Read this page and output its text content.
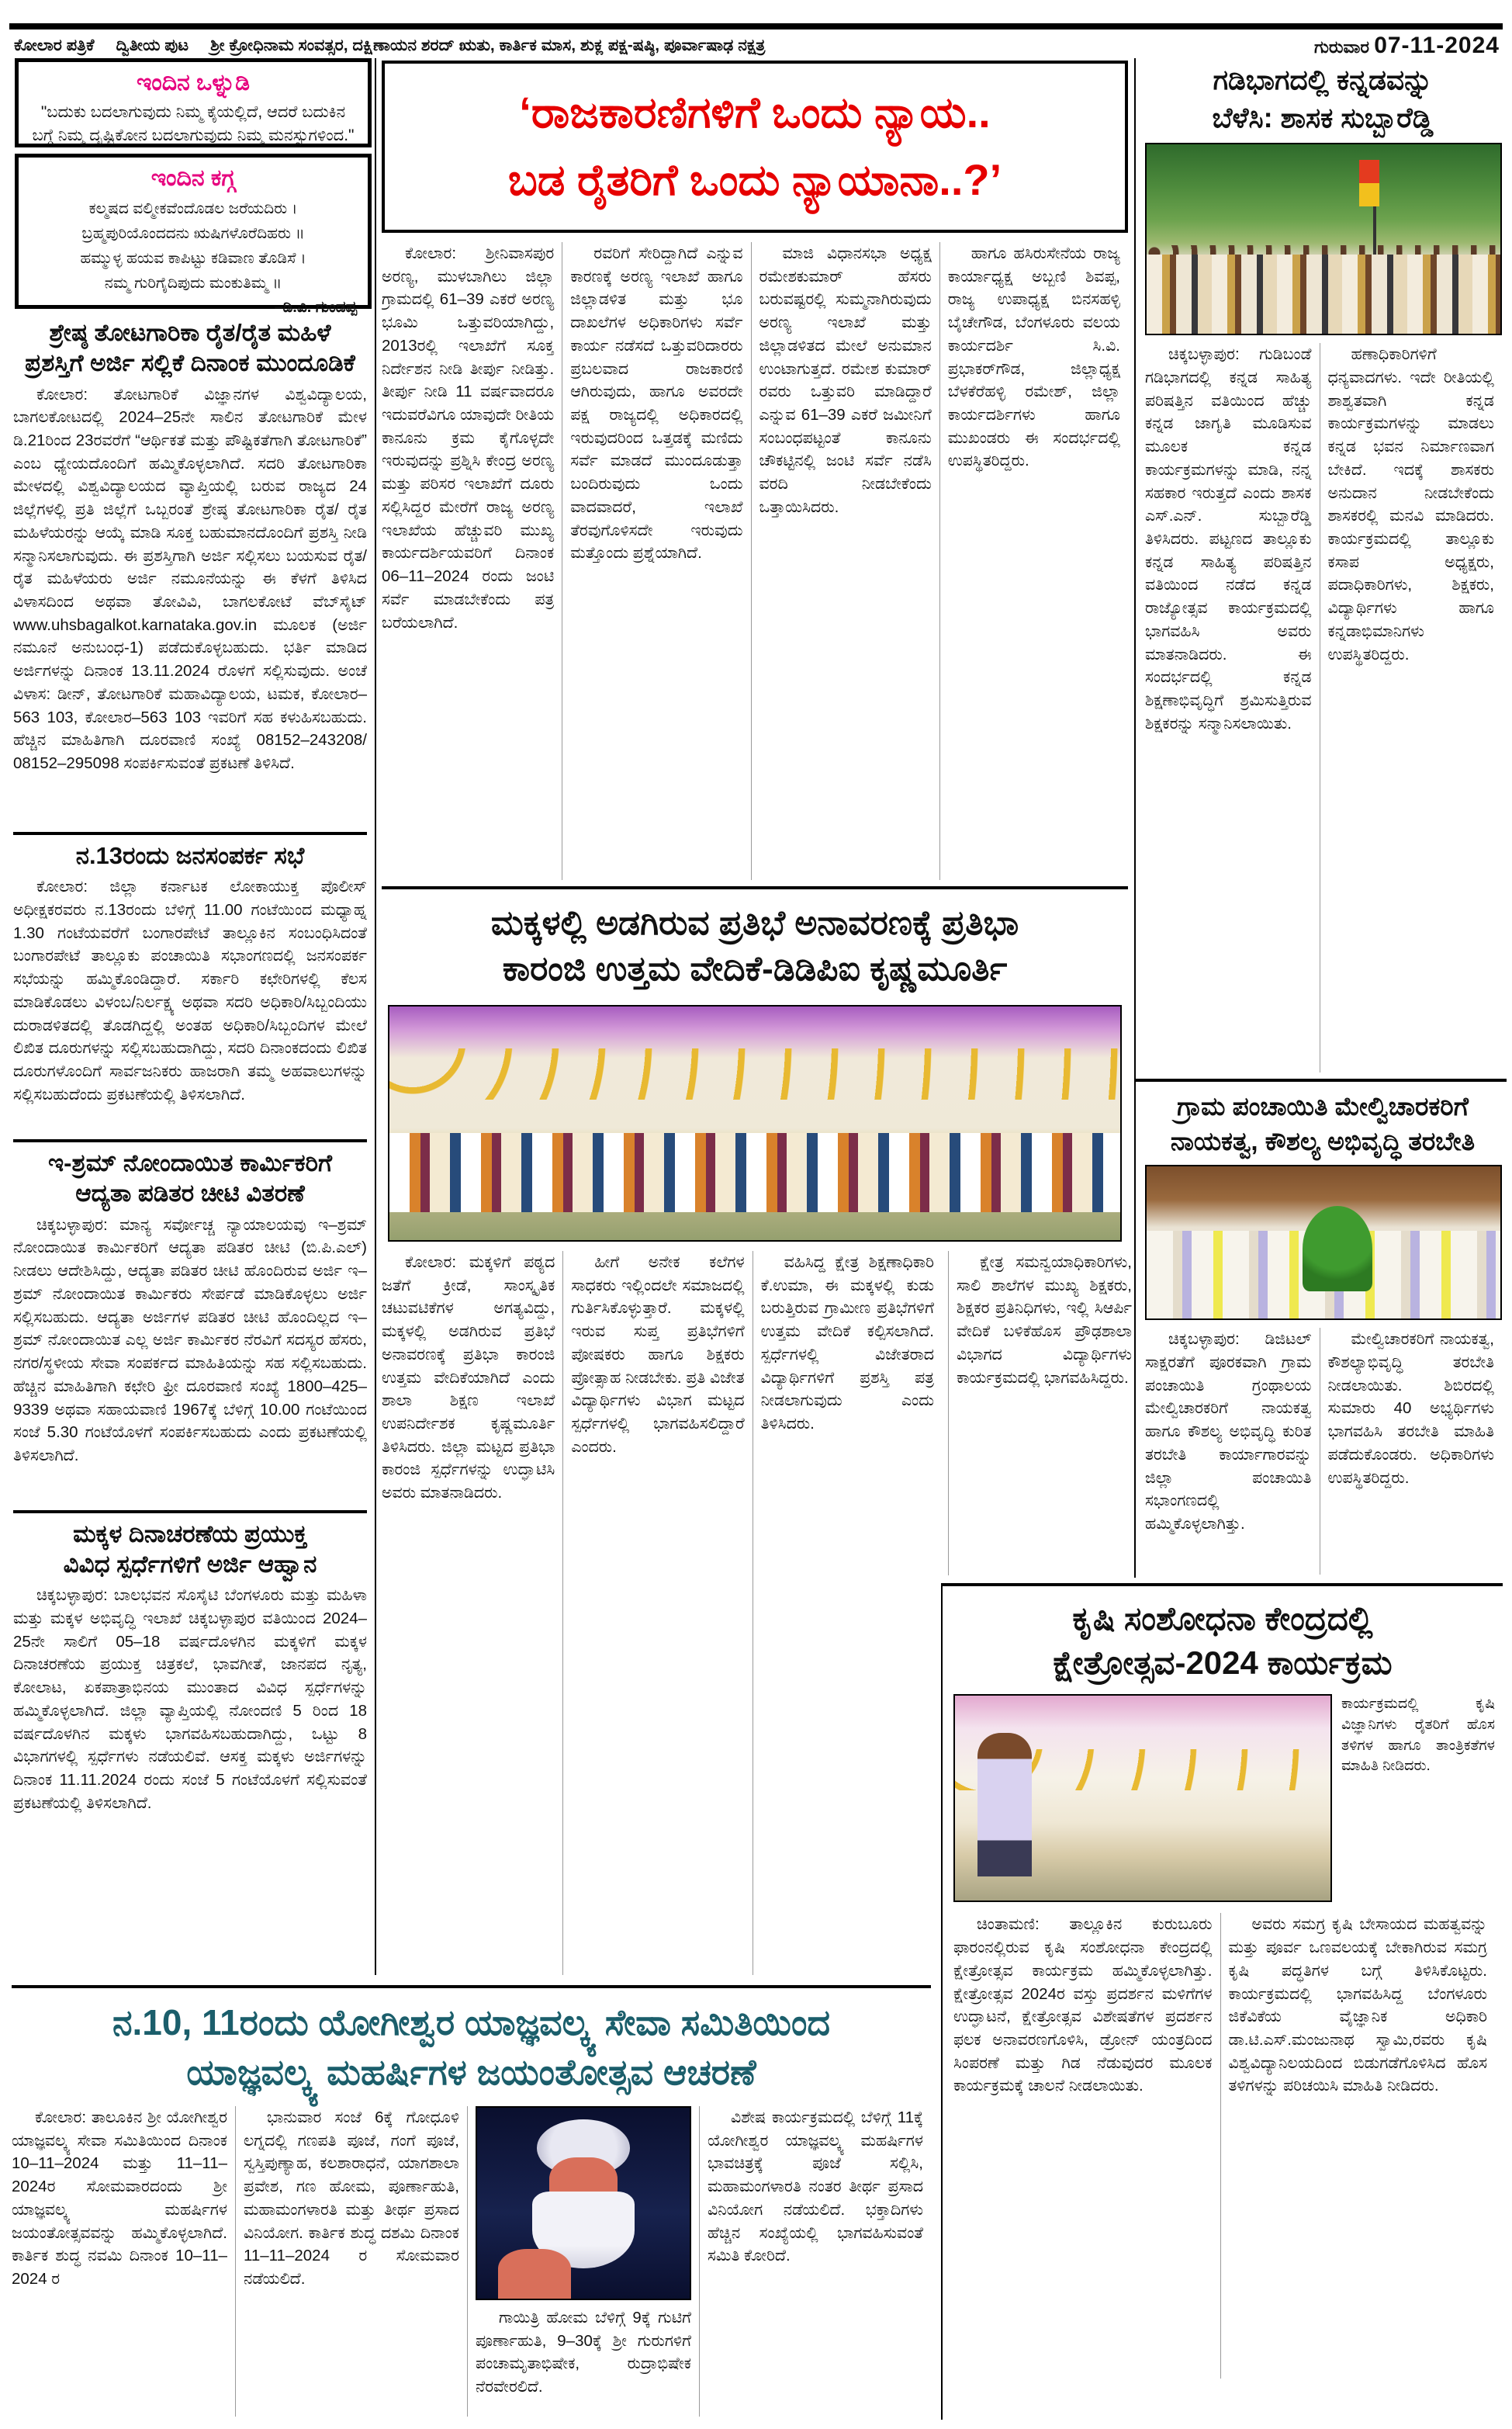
ಕೋಲಾರ ಪತ್ರಿಕೆ ದ್ವಿತೀಯ ಪುಟ ಶ್ರೀ ಕ್ರೋಧಿನಾಮ ಸಂವತ್ಸರ, ದಕ್ಷಿಣಾಯನ ಶರದ್ ಋತು, ಕಾರ್ತಿಕ ಮಾಸ, ಶುಕ್ಲ ಪಕ್ಷ-ಷಷ್ಠಿ, ಪೂರ್ವಾಷಾಢ ನಕ್ಷತ್ರ	ಗುರುವಾರ 07-11-2024
ಇಂದಿನ ಒಳ್ನುಡಿ
"ಬದುಕು ಬದಲಾಗುವುದು ನಿಮ್ಮ ಕೈಯಲ್ಲಿದೆ, ಆದರೆ ಬದುಕಿನ ಬಗ್ಗೆ ನಿಮ್ಮ ದೃಷ್ಟಿಕೋನ ಬದಲಾಗುವುದು ನಿಮ್ಮ ಮನಸ್ಸುಗಳಿಂದ."
ಇಂದಿನ ಕಗ್ಗ
ಕಲ್ಮಷದ ವಲ್ಮೀಕವೆಂದೊಡಲ ಜರೆಯದಿರು ।
ಬ್ರಹ್ಮಪುರಿಯೊಂದದನು ಋಷಿಗಳೊರೆದಿಹರು ॥
ಹಮ್ಮುಳ್ಳ ಹಯವ ಕಾಪಿಟ್ಟು ಕಡಿವಾಣ ತೊಡಿಸೆ ।
ನಮ್ಮ ಗುರಿಗೈದಿಪುದು ಮಂಕುತಿಮ್ಮ ॥
–ಡಿ.ವಿ. ಗುಂಡಪ್ಪ
ಶ್ರೇಷ್ಠ ತೋಟಗಾರಿಕಾ ರೈತ/ರೈತ ಮಹಿಳೆ
ಪ್ರಶಸ್ತಿಗೆ ಅರ್ಜಿ ಸಲ್ಲಿಕೆ ದಿನಾಂಕ ಮುಂದೂಡಿಕೆ

ಕೋಲಾರ: ತೋಟಗಾರಿಕೆ ವಿಜ್ಞಾನಗಳ ವಿಶ್ವವಿದ್ಯಾಲಯ, ಬಾಗಲಕೋಟದಲ್ಲಿ 2024–25ನೇ ಸಾಲಿನ ತೋಟಗಾರಿಕೆ ಮೇಳ ಡಿ.21ರಿಂದ 23ರವರೆಗೆ “ಆರ್ಥಿಕತೆ ಮತ್ತು ಪೌಷ್ಟಿಕತೆಗಾಗಿ ತೋಟಗಾರಿಕೆ” ಎಂಬ ಧ್ಯೇಯದೊಂದಿಗೆ ಹಮ್ಮಿಕೊಳ್ಳಲಾಗಿದೆ. ಸದರಿ ತೋಟಗಾರಿಕಾ ಮೇಳದಲ್ಲಿ ವಿಶ್ವವಿದ್ಯಾಲಯದ ವ್ಯಾಪ್ತಿಯಲ್ಲಿ ಬರುವ ರಾಜ್ಯದ 24 ಜಿಲ್ಲೆಗಳಲ್ಲಿ ಪ್ರತಿ ಜಿಲ್ಲೆಗೆ ಒಬ್ಬರಂತೆ ಶ್ರೇಷ್ಠ ತೋಟಗಾರಿಕಾ ರೈತ/ ರೈತ ಮಹಿಳೆಯರನ್ನು ಆಯ್ಕೆ ಮಾಡಿ ಸೂಕ್ತ ಬಹುಮಾನದೊಂದಿಗೆ ಪ್ರಶಸ್ತಿ ನೀಡಿ ಸನ್ಮಾನಿಸಲಾಗುವುದು. ಈ ಪ್ರಶಸ್ತಿಗಾಗಿ ಅರ್ಜಿ ಸಲ್ಲಿಸಲು ಬಯಸುವ ರೈತ/ ರೈತ ಮಹಿಳೆಯರು ಅರ್ಜಿ ನಮೂನೆಯನ್ನು ಈ ಕೆಳಗೆ ತಿಳಿಸಿದ ವಿಳಾಸದಿಂದ ಅಥವಾ ತೋವಿವಿ, ಬಾಗಲಕೋಟೆ ವೆಬ್‌ಸೈಟ್ www.uhsbagalkot.karnataka.gov.in ಮೂಲಕ (ಅರ್ಜಿ ನಮೂನೆ ಅನುಬಂಧ-1) ಪಡೆದುಕೊಳ್ಳಬಹುದು. ಭರ್ತಿ ಮಾಡಿದ ಅರ್ಜಿಗಳನ್ನು ದಿನಾಂಕ 13.11.2024 ರೊಳಗೆ ಸಲ್ಲಿಸುವುದು. ಅಂಚೆ ವಿಳಾಸ: ಡೀನ್, ತೋಟಗಾರಿಕೆ ಮಹಾವಿದ್ಯಾಲಯ, ಟಮಕ, ಕೋಲಾರ–563 103, ಕೋಲಾರ–563 103 ಇವರಿಗೆ ಸಹ ಕಳುಹಿಸಬಹುದು. ಹೆಚ್ಚಿನ ಮಾಹಿತಿಗಾಗಿ ದೂರವಾಣಿ ಸಂಖ್ಯೆ 08152–243208/ 08152–295098 ಸಂಪರ್ಕಿಸುವಂತೆ ಪ್ರಕಟಣೆ ತಿಳಿಸಿದೆ.

ನ.13ರಂದು ಜನಸಂಪರ್ಕ ಸಭೆ

ಕೋಲಾರ: ಜಿಲ್ಲಾ ಕರ್ನಾಟಕ ಲೋಕಾಯುಕ್ತ ಪೊಲೀಸ್ ಅಧೀಕ್ಷಕರವರು ನ.13ರಂದು ಬೆಳಿಗ್ಗೆ 11.00 ಗಂಟೆಯಿಂದ ಮಧ್ಯಾಹ್ನ 1.30 ಗಂಟೆಯವರೆಗೆ ಬಂಗಾರಪೇಟೆ ತಾಲ್ಲೂಕಿನ ಸಂಬಂಧಿಸಿದಂತೆ ಬಂಗಾರಪೇಟೆ ತಾಲ್ಲೂಕು ಪಂಚಾಯಿತಿ ಸಭಾಂಗಣದಲ್ಲಿ ಜನಸಂಪರ್ಕ ಸಭೆಯನ್ನು ಹಮ್ಮಿಕೊಂಡಿದ್ದಾರೆ. ಸರ್ಕಾರಿ ಕಛೇರಿಗಳಲ್ಲಿ ಕೆಲಸ ಮಾಡಿಕೊಡಲು ವಿಳಂಬ/ನಿರ್ಲಕ್ಷ್ಯ ಅಥವಾ ಸದರಿ ಅಧಿಕಾರಿ/ಸಿಬ್ಬಂದಿಯು ದುರಾಡಳಿತದಲ್ಲಿ ತೊಡಗಿದ್ದಲ್ಲಿ ಅಂತಹ ಅಧಿಕಾರಿ/ಸಿಬ್ಬಂದಿಗಳ ಮೇಲೆ ಲಿಖಿತ ದೂರುಗಳನ್ನು ಸಲ್ಲಿಸಬಹುದಾಗಿದ್ದು, ಸದರಿ ದಿನಾಂಕದಂದು ಲಿಖಿತ ದೂರುಗಳೊಂದಿಗೆ ಸಾರ್ವಜನಿಕರು ಹಾಜರಾಗಿ ತಮ್ಮ ಅಹವಾಲುಗಳನ್ನು ಸಲ್ಲಿಸಬಹುದೆಂದು ಪ್ರಕಟಣೆಯಲ್ಲಿ ತಿಳಿಸಲಾಗಿದೆ.

ಇ-ಶ್ರಮ್ ನೋಂದಾಯಿತ ಕಾರ್ಮಿಕರಿಗೆ
ಆದ್ಯತಾ ಪಡಿತರ ಚೀಟಿ ವಿತರಣೆ

ಚಿಕ್ಕಬಳ್ಳಾಪುರ: ಮಾನ್ಯ ಸರ್ವೋಚ್ಚ ನ್ಯಾಯಾಲಯವು ಇ–ಶ್ರಮ್ ನೋಂದಾಯಿತ ಕಾರ್ಮಿಕರಿಗೆ ಆದ್ಯತಾ ಪಡಿತರ ಚೀಟಿ (ಬಿ.ಪಿ.ಎಲ್) ನೀಡಲು ಆದೇಶಿಸಿದ್ದು, ಆದ್ಯತಾ ಪಡಿತರ ಚೀಟಿ ಹೊಂದಿರುವ ಅರ್ಜಿ ಇ–ಶ್ರಮ್ ನೋಂದಾಯಿತ ಕಾರ್ಮಿಕರು ಸೇರ್ಪಡೆ ಮಾಡಿಕೊಳ್ಳಲು ಅರ್ಜಿ ಸಲ್ಲಿಸಬಹುದು. ಆದ್ಯತಾ ಅರ್ಜಿಗಳ ಪಡಿತರ ಚೀಟಿ ಹೊಂದಿಲ್ಲದ ಇ–ಶ್ರಮ್ ನೋಂದಾಯಿತ ಎಲ್ಲ ಅರ್ಜಿ ಕಾರ್ಮಿಕರ ನೆರವಿಗೆ ಸದಸ್ಯರ ಹೆಸರು, ನಗರ/ಸ್ಥಳೀಯ ಸೇವಾ ಸಂಪರ್ಕದ ಮಾಹಿತಿಯನ್ನು ಸಹ ಸಲ್ಲಿಸಬಹುದು. ಹೆಚ್ಚಿನ ಮಾಹಿತಿಗಾಗಿ ಕಛೇರಿ ಫ್ರೀ ದೂರವಾಣಿ ಸಂಖ್ಯೆ 1800–425–9339 ಅಥವಾ ಸಹಾಯವಾಣಿ 1967ಕ್ಕೆ ಬೆಳಿಗ್ಗೆ 10.00 ಗಂಟೆಯಿಂದ ಸಂಜೆ 5.30 ಗಂಟೆಯೊಳಗೆ ಸಂಪರ್ಕಿಸಬಹುದು ಎಂದು ಪ್ರಕಟಣೆಯಲ್ಲಿ ತಿಳಿಸಲಾಗಿದೆ.

ಮಕ್ಕಳ ದಿನಾಚರಣೆಯ ಪ್ರಯುಕ್ತ
ವಿವಿಧ ಸ್ಪರ್ಧೆಗಳಿಗೆ ಅರ್ಜಿ ಆಹ್ವಾನ

ಚಿಕ್ಕಬಳ್ಳಾಪುರ: ಬಾಲಭವನ ಸೊಸೈಟಿ ಬೆಂಗಳೂರು ಮತ್ತು ಮಹಿಳಾ ಮತ್ತು ಮಕ್ಕಳ ಅಭಿವೃದ್ಧಿ ಇಲಾಖೆ ಚಿಕ್ಕಬಳ್ಳಾಪುರ ವತಿಯಿಂದ 2024–25ನೇ ಸಾಲಿಗೆ 05–18 ವರ್ಷದೊಳಗಿನ ಮಕ್ಕಳಿಗೆ ಮಕ್ಕಳ ದಿನಾಚರಣೆಯ ಪ್ರಯುಕ್ತ ಚಿತ್ರಕಲೆ, ಭಾವಗೀತೆ, ಜಾನಪದ ನೃತ್ಯ, ಕೋಲಾಟ, ಏಕಪಾತ್ರಾಭಿನಯ ಮುಂತಾದ ವಿವಿಧ ಸ್ಪರ್ಧೆಗಳನ್ನು ಹಮ್ಮಿಕೊಳ್ಳಲಾಗಿದೆ. ಜಿಲ್ಲಾ ವ್ಯಾಪ್ತಿಯಲ್ಲಿ ನೋಂದಣಿ 5 ರಿಂದ 18 ವರ್ಷದೊಳಗಿನ ಮಕ್ಕಳು ಭಾಗವಹಿಸಬಹುದಾಗಿದ್ದು, ಒಟ್ಟು 8 ವಿಭಾಗಗಳಲ್ಲಿ ಸ್ಪರ್ಧೆಗಳು ನಡೆಯಲಿವೆ. ಆಸಕ್ತ ಮಕ್ಕಳು ಅರ್ಜಿಗಳನ್ನು ದಿನಾಂಕ 11.11.2024 ರಂದು ಸಂಜೆ 5 ಗಂಟೆಯೊಳಗೆ ಸಲ್ಲಿಸುವಂತೆ ಪ್ರಕಟಣೆಯಲ್ಲಿ ತಿಳಿಸಲಾಗಿದೆ.

‘ರಾಜಕಾರಣಿಗಳಿಗೆ ಒಂದು ನ್ಯಾಯ..
ಬಡ ರೈತರಿಗೆ ಒಂದು ನ್ಯಾಯಾನಾ..?’

ಕೋಲಾರ: ಶ್ರೀನಿವಾಸಪುರ ಅರಣ್ಯ, ಮುಳಬಾಗಿಲು ಜಿಲ್ಲಾ ಗ್ರಾಮದಲ್ಲಿ 61–39 ಎಕರೆ ಅರಣ್ಯ ಭೂಮಿ ಒತ್ತುವರಿಯಾಗಿದ್ದು, 2013ರಲ್ಲಿ ಇಲಾಖೆಗೆ ಸೂಕ್ತ ನಿರ್ದೇಶನ ನೀಡಿ ತೀರ್ಪು ನೀಡಿತ್ತು. ತೀರ್ಪು ನೀಡಿ 11 ವರ್ಷವಾದರೂ ಇದುವರೆವಿಗೂ ಯಾವುದೇ ರೀತಿಯ ಕಾನೂನು ಕ್ರಮ ಕೈಗೊಳ್ಳದೇ ಇರುವುದನ್ನು ಪ್ರಶ್ನಿಸಿ ಕೇಂದ್ರ ಅರಣ್ಯ ಮತ್ತು ಪರಿಸರ ಇಲಾಖೆಗೆ ದೂರು ಸಲ್ಲಿಸಿದ್ದರ ಮೇರೆಗೆ ರಾಜ್ಯ ಅರಣ್ಯ ಇಲಾಖೆಯ ಹೆಚ್ಚುವರಿ ಮುಖ್ಯ ಕಾರ್ಯದರ್ಶಿಯವರಿಗೆ ದಿನಾಂಕ 06–11–2024 ರಂದು ಜಂಟಿ ಸರ್ವೆ ಮಾಡಬೇಕೆಂದು ಪತ್ರ ಬರೆಯಲಾಗಿದೆ.

ರವರಿಗೆ ಸೇರಿದ್ದಾಗಿದೆ ಎನ್ನುವ ಕಾರಣಕ್ಕೆ ಅರಣ್ಯ ಇಲಾಖೆ ಹಾಗೂ ಜಿಲ್ಲಾಡಳಿತ ಮತ್ತು ಭೂ ದಾಖಲೆಗಳ ಅಧಿಕಾರಿಗಳು ಸರ್ವೆ ಕಾರ್ಯ ನಡೆಸದೆ ಒತ್ತುವರಿದಾರರು ಪ್ರಬಲವಾದ ರಾಜಕಾರಣಿ ಆಗಿರುವುದು, ಹಾಗೂ ಅವರದೇ ಪಕ್ಷ ರಾಜ್ಯದಲ್ಲಿ ಅಧಿಕಾರದಲ್ಲಿ ಇರುವುದರಿಂದ ಒತ್ತಡಕ್ಕೆ ಮಣಿದು ಸರ್ವೆ ಮಾಡದೆ ಮುಂದೂಡುತ್ತಾ ಬಂದಿರುವುದು ಒಂದು ವಾದವಾದರೆ, ಇಲಾಖೆ ತೆರವುಗೊಳಿಸದೇ ಇರುವುದು ಮತ್ತೊಂದು ಪ್ರಶ್ನೆಯಾಗಿದೆ.

ಮಾಜಿ ವಿಧಾನಸಭಾ ಅಧ್ಯಕ್ಷ ರಮೇಶಕುಮಾರ್ ಹೆಸರು ಬರುವಷ್ಟರಲ್ಲಿ ಸುಮ್ಮನಾಗಿರುವುದು ಅರಣ್ಯ ಇಲಾಖೆ ಮತ್ತು ಜಿಲ್ಲಾಡಳಿತದ ಮೇಲೆ ಅನುಮಾನ ಉಂಟಾಗುತ್ತದೆ. ರಮೇಶ ಕುಮಾರ್ ರವರು ಒತ್ತುವರಿ ಮಾಡಿದ್ದಾರೆ ಎನ್ನುವ 61–39 ಎಕರೆ ಜಮೀನಿಗೆ ಸಂಬಂಧಪಟ್ಟಂತೆ ಕಾನೂನು ಚೌಕಟ್ಟಿನಲ್ಲಿ ಜಂಟಿ ಸರ್ವೆ ನಡೆಸಿ ವರದಿ ನೀಡಬೇಕೆಂದು ಒತ್ತಾಯಿಸಿದರು.

ಹಾಗೂ ಹಸಿರುಸೇನೆಯ ರಾಜ್ಯ ಕಾರ್ಯಾಧ್ಯಕ್ಷ ಅಬ್ಬಣಿ ಶಿವಪ್ಪ, ರಾಜ್ಯ ಉಪಾಧ್ಯಕ್ಷ ಬಿನಸಹಳ್ಳಿ ಬೈಚೇಗೌಡ, ಬೆಂಗಳೂರು ವಲಯ ಕಾರ್ಯದರ್ಶಿ ಸಿ.ವಿ. ಪ್ರಭಾಕರ್‌ಗೌಡ, ಜಿಲ್ಲಾಧ್ಯಕ್ಷ ಬೆಳಕೆರೆಹಳ್ಳಿ ರಮೇಶ್, ಜಿಲ್ಲಾ ಕಾರ್ಯದರ್ಶಿಗಳು ಹಾಗೂ ಮುಖಂಡರು ಈ ಸಂದರ್ಭದಲ್ಲಿ ಉಪಸ್ಥಿತರಿದ್ದರು.

ಮಕ್ಕಳಲ್ಲಿ ಅಡಗಿರುವ ಪ್ರತಿಭೆ ಅನಾವರಣಕ್ಕೆ ಪ್ರತಿಭಾ
ಕಾರಂಜಿ ಉತ್ತಮ ವೇದಿಕೆ-ಡಿಡಿಪಿಐ ಕೃಷ್ಣಮೂರ್ತಿ

ಕೋಲಾರ: ಮಕ್ಕಳಿಗೆ ಪಠ್ಯದ ಜತೆಗೆ ಕ್ರೀಡೆ, ಸಾಂಸ್ಕೃತಿಕ ಚಟುವಟಿಕೆಗಳ ಅಗತ್ಯವಿದ್ದು, ಮಕ್ಕಳಲ್ಲಿ ಅಡಗಿರುವ ಪ್ರತಿಭೆ ಅನಾವರಣಕ್ಕೆ ಪ್ರತಿಭಾ ಕಾರಂಜಿ ಉತ್ತಮ ವೇದಿಕೆಯಾಗಿದೆ ಎಂದು ಶಾಲಾ ಶಿಕ್ಷಣ ಇಲಾಖೆ ಉಪನಿರ್ದೇಶಕ ಕೃಷ್ಣಮೂರ್ತಿ ತಿಳಿಸಿದರು. ಜಿಲ್ಲಾ ಮಟ್ಟದ ಪ್ರತಿಭಾ ಕಾರಂಜಿ ಸ್ಪರ್ಧೆಗಳನ್ನು ಉದ್ಘಾಟಿಸಿ ಅವರು ಮಾತನಾಡಿದರು.

ಹೀಗೆ ಅನೇಕ ಕಲೆಗಳ ಸಾಧಕರು ಇಲ್ಲಿಂದಲೇ ಸಮಾಜದಲ್ಲಿ ಗುರ್ತಿಸಿಕೊಳ್ಳುತ್ತಾರೆ. ಮಕ್ಕಳಲ್ಲಿ ಇರುವ ಸುಪ್ತ ಪ್ರತಿಭೆಗಳಿಗೆ ಪೋಷಕರು ಹಾಗೂ ಶಿಕ್ಷಕರು ಪ್ರೋತ್ಸಾಹ ನೀಡಬೇಕು. ಪ್ರತಿ ವಿಜೇತ ವಿದ್ಯಾರ್ಥಿಗಳು ವಿಭಾಗ ಮಟ್ಟದ ಸ್ಪರ್ಧೆಗಳಲ್ಲಿ ಭಾಗವಹಿಸಲಿದ್ದಾರೆ ಎಂದರು.

ವಹಿಸಿದ್ದ ಕ್ಷೇತ್ರ ಶಿಕ್ಷಣಾಧಿಕಾರಿ ಕೆ.ಉಮಾ, ಈ ಮಕ್ಕಳಲ್ಲಿ ಕುಡು ಬರುತ್ತಿರುವ ಗ್ರಾಮೀಣ ಪ್ರತಿಭೆಗಳಿಗೆ ಉತ್ತಮ ವೇದಿಕೆ ಕಲ್ಪಿಸಲಾಗಿದೆ. ಸ್ಪರ್ಧೆಗಳಲ್ಲಿ ವಿಜೇತರಾದ ವಿದ್ಯಾರ್ಥಿಗಳಿಗೆ ಪ್ರಶಸ್ತಿ ಪತ್ರ ನೀಡಲಾಗುವುದು ಎಂದು ತಿಳಿಸಿದರು.

ಕ್ಷೇತ್ರ ಸಮನ್ವಯಾಧಿಕಾರಿಗಳು, ಸಾಲಿ ಶಾಲೆಗಳ ಮುಖ್ಯ ಶಿಕ್ಷಕರು, ಶಿಕ್ಷಕರ ಪ್ರತಿನಿಧಿಗಳು, ಇಲ್ಲಿ ಸಿಆರ್ಪಿ ವೇದಿಕೆ ಬಳಿಕೆಹೊಸ ಪ್ರೌಢಶಾಲಾ ವಿಭಾಗದ ವಿದ್ಯಾರ್ಥಿಗಳು ಕಾರ್ಯಕ್ರಮದಲ್ಲಿ ಭಾಗವಹಿಸಿದ್ದರು.

ನ.10, 11ರಂದು ಯೋಗೀಶ್ವರ ಯಾಜ್ಞವಲ್ಕ್ಯ ಸೇವಾ ಸಮಿತಿಯಿಂದ
ಯಾಜ್ಞವಲ್ಕ್ಯ ಮಹರ್ಷಿಗಳ ಜಯಂತೋತ್ಸವ ಆಚರಣೆ

ಕೋಲಾರ: ತಾಲೂಕಿನ ಶ್ರೀ ಯೋಗೀಶ್ವರ ಯಾಜ್ಞವಲ್ಕ್ಯ ಸೇವಾ ಸಮಿತಿಯಿಂದ ದಿನಾಂಕ 10–11–2024 ಮತ್ತು 11–11–2024ರ ಸೋಮವಾರದಂದು ಶ್ರೀ ಯಾಜ್ಞವಲ್ಕ್ಯ ಮಹರ್ಷಿಗಳ ಜಯಂತೋತ್ಸವವನ್ನು ಹಮ್ಮಿಕೊಳ್ಳಲಾಗಿದೆ. ಕಾರ್ತಿಕ ಶುದ್ಧ ನವಮಿ ದಿನಾಂಕ 10–11–2024 ರ

ಭಾನುವಾರ ಸಂಜೆ 6ಕ್ಕೆ ಗೋಧೂಳಿ ಲಗ್ನದಲ್ಲಿ ಗಣಪತಿ ಪೂಜೆ, ಗಂಗೆ ಪೂಜೆ, ಸ್ವಸ್ತಿಪುಣ್ಯಾಹ, ಕಲಶಾರಾಧನೆ, ಯಾಗಶಾಲಾ ಪ್ರವೇಶ, ಗಣ ಹೋಮ, ಪೂರ್ಣಾಹುತಿ, ಮಹಾಮಂಗಳಾರತಿ ಮತ್ತು ತೀರ್ಥ ಪ್ರಸಾದ ವಿನಿಯೋಗ. ಕಾರ್ತಿಕ ಶುದ್ಧ ದಶಮಿ ದಿನಾಂಕ 11–11–2024 ರ ಸೋಮವಾರ ನಡೆಯಲಿದೆ.

ಗಾಯಿತ್ರಿ ಹೋಮ ಬೆಳಿಗ್ಗೆ 9ಕ್ಕೆ ಗುಟಿಗೆ ಪೂರ್ಣಾಹುತಿ, 9–30ಕ್ಕೆ ಶ್ರೀ ಗುರುಗಳಿಗೆ ಪಂಚಾಮೃತಾಭಿಷೇಕ, ರುದ್ರಾಭಿಷೇಕ ನೆರವೇರಲಿದೆ.

ವಿಶೇಷ ಕಾರ್ಯಕ್ರಮದಲ್ಲಿ ಬೆಳಿಗ್ಗೆ 11ಕ್ಕೆ ಯೋಗೀಶ್ವರ ಯಾಜ್ಞವಲ್ಕ್ಯ ಮಹರ್ಷಿಗಳ ಭಾವಚಿತ್ರಕ್ಕೆ ಪೂಜೆ ಸಲ್ಲಿಸಿ, ಮಹಾಮಂಗಳಾರತಿ ನಂತರ ತೀರ್ಥ ಪ್ರಸಾದ ವಿನಿಯೋಗ ನಡೆಯಲಿದೆ. ಭಕ್ತಾದಿಗಳು ಹೆಚ್ಚಿನ ಸಂಖ್ಯೆಯಲ್ಲಿ ಭಾಗವಹಿಸುವಂತೆ ಸಮಿತಿ ಕೋರಿದೆ.

ಗಡಿಭಾಗದಲ್ಲಿ ಕನ್ನಡವನ್ನು
ಬೆಳೆಸಿ: ಶಾಸಕ ಸುಬ್ಬಾರೆಡ್ಡಿ

ಚಿಕ್ಕಬಳ್ಳಾಪುರ: ಗುಡಿಬಂಡೆ ಗಡಿಭಾಗದಲ್ಲಿ ಕನ್ನಡ ಸಾಹಿತ್ಯ ಪರಿಷತ್ತಿನ ವತಿಯಿಂದ ಹೆಚ್ಚು ಕನ್ನಡ ಜಾಗೃತಿ ಮೂಡಿಸುವ ಮೂಲಕ ಕನ್ನಡ ಕಾರ್ಯಕ್ರಮಗಳನ್ನು ಮಾಡಿ, ನನ್ನ ಸಹಕಾರ ಇರುತ್ತದೆ ಎಂದು ಶಾಸಕ ಎಸ್.ಎನ್. ಸುಬ್ಬಾರೆಡ್ಡಿ ತಿಳಿಸಿದರು. ಪಟ್ಟಣದ ತಾಲ್ಲೂಕು ಕನ್ನಡ ಸಾಹಿತ್ಯ ಪರಿಷತ್ತಿನ ವತಿಯಿಂದ ನಡೆದ ಕನ್ನಡ ರಾಜ್ಯೋತ್ಸವ ಕಾರ್ಯಕ್ರಮದಲ್ಲಿ ಭಾಗವಹಿಸಿ ಅವರು ಮಾತನಾಡಿದರು. ಈ ಸಂದರ್ಭದಲ್ಲಿ ಕನ್ನಡ ಶಿಕ್ಷಣಾಭಿವೃದ್ಧಿಗೆ ಶ್ರಮಿಸುತ್ತಿರುವ ಶಿಕ್ಷಕರನ್ನು ಸನ್ಮಾನಿಸಲಾಯಿತು.

ಹಣಾಧಿಕಾರಿಗಳಿಗೆ ಧನ್ಯವಾದಗಳು. ಇದೇ ರೀತಿಯಲ್ಲಿ ಶಾಶ್ವತವಾಗಿ ಕನ್ನಡ ಕಾರ್ಯಕ್ರಮಗಳನ್ನು ಮಾಡಲು ಕನ್ನಡ ಭವನ ನಿರ್ಮಾಣವಾಗ ಬೇಕಿದೆ. ಇದಕ್ಕೆ ಶಾಸಕರು ಅನುದಾನ ನೀಡಬೇಕೆಂದು ಶಾಸಕರಲ್ಲಿ ಮನವಿ ಮಾಡಿದರು. ಕಾರ್ಯಕ್ರಮದಲ್ಲಿ ತಾಲ್ಲೂಕು ಕಸಾಪ ಅಧ್ಯಕ್ಷರು, ಪದಾಧಿಕಾರಿಗಳು, ಶಿಕ್ಷಕರು, ವಿದ್ಯಾರ್ಥಿಗಳು ಹಾಗೂ ಕನ್ನಡಾಭಿಮಾನಿಗಳು ಉಪಸ್ಥಿತರಿದ್ದರು.

ಗ್ರಾಮ ಪಂಚಾಯಿತಿ ಮೇಲ್ವಿಚಾರಕರಿಗೆ
ನಾಯಕತ್ವ, ಕೌಶಲ್ಯ ಅಭಿವೃದ್ಧಿ ತರಬೇತಿ

ಚಿಕ್ಕಬಳ್ಳಾಪುರ: ಡಿಜಿಟಲ್ ಸಾಕ್ಷರತೆಗೆ ಪೂರಕವಾಗಿ ಗ್ರಾಮ ಪಂಚಾಯಿತಿ ಗ್ರಂಥಾಲಯ ಮೇಲ್ವಿಚಾರಕರಿಗೆ ನಾಯಕತ್ವ ಹಾಗೂ ಕೌಶಲ್ಯ ಅಭಿವೃದ್ಧಿ ಕುರಿತ ತರಬೇತಿ ಕಾರ್ಯಾಗಾರವನ್ನು ಜಿಲ್ಲಾ ಪಂಚಾಯಿತಿ ಸಭಾಂಗಣದಲ್ಲಿ ಹಮ್ಮಿಕೊಳ್ಳಲಾಗಿತ್ತು.

ಮೇಲ್ವಿಚಾರಕರಿಗೆ ನಾಯಕತ್ವ, ಕೌಶಲ್ಯಾಭಿವೃದ್ಧಿ ತರಬೇತಿ ನೀಡಲಾಯಿತು. ಶಿಬಿರದಲ್ಲಿ ಸುಮಾರು 40 ಅಭ್ಯರ್ಥಿಗಳು ಭಾಗವಹಿಸಿ ತರಬೇತಿ ಮಾಹಿತಿ ಪಡೆದುಕೊಂಡರು. ಅಧಿಕಾರಿಗಳು ಉಪಸ್ಥಿತರಿದ್ದರು.

ಕೃಷಿ ಸಂಶೋಧನಾ ಕೇಂದ್ರದಲ್ಲಿ
ಕ್ಷೇತ್ರೋತ್ಸವ-2024 ಕಾರ್ಯಕ್ರಮ
ಕಾರ್ಯಕ್ರಮದಲ್ಲಿ ಕೃಷಿ ವಿಜ್ಞಾನಿಗಳು ರೈತರಿಗೆ ಹೊಸ ತಳಿಗಳ ಹಾಗೂ ತಾಂತ್ರಿಕತೆಗಳ ಮಾಹಿತಿ ನೀಡಿದರು.

ಚಿಂತಾಮಣಿ: ತಾಲ್ಲೂಕಿನ ಕುರುಬೂರು ಫಾರಂನಲ್ಲಿರುವ ಕೃಷಿ ಸಂಶೋಧನಾ ಕೇಂದ್ರದಲ್ಲಿ ಕ್ಷೇತ್ರೋತ್ಸವ ಕಾರ್ಯಕ್ರಮ ಹಮ್ಮಿಕೊಳ್ಳಲಾಗಿತ್ತು. ಕ್ಷೇತ್ರೋತ್ಸವ 2024ರ ವಸ್ತು ಪ್ರದರ್ಶನ ಮಳಿಗೆಗಳ ಉದ್ಘಾಟನೆ, ಕ್ಷೇತ್ರೋತ್ಸವ ವಿಶೇಷತೆಗಳ ಪ್ರದರ್ಶನ ಫಲಕ ಅನಾವರಣಗೊಳಿಸಿ, ಡ್ರೋನ್ ಯಂತ್ರದಿಂದ ಸಿಂಪರಣೆ ಮತ್ತು ಗಿಡ ನೆಡುವುದರ ಮೂಲಕ ಕಾರ್ಯಕ್ರಮಕ್ಕೆ ಚಾಲನೆ ನೀಡಲಾಯಿತು.

ಅವರು ಸಮಗ್ರ ಕೃಷಿ ಬೇಸಾಯದ ಮಹತ್ವವನ್ನು ಮತ್ತು ಪೂರ್ವ ಒಣವಲಯಕ್ಕೆ ಬೇಕಾಗಿರುವ ಸಮಗ್ರ ಕೃಷಿ ಪದ್ಧತಿಗಳ ಬಗ್ಗೆ ತಿಳಿಸಿಕೊಟ್ಟರು. ಕಾರ್ಯಕ್ರಮದಲ್ಲಿ ಭಾಗವಹಿಸಿದ್ದ ಬೆಂಗಳೂರು ಜಿಕೆವಿಕೆಯ ವೈಜ್ಞಾನಿಕ ಅಧಿಕಾರಿ ಡಾ.ಟಿ.ಎಸ್.ಮಂಜುನಾಥ ಸ್ವಾಮಿ,ರವರು ಕೃಷಿ ವಿಶ್ವವಿದ್ಯಾನಿಲಯದಿಂದ ಬಿಡುಗಡೆಗೊಳಿಸಿದ ಹೊಸ ತಳಿಗಳನ್ನು ಪರಿಚಯಿಸಿ ಮಾಹಿತಿ ನೀಡಿದರು.
